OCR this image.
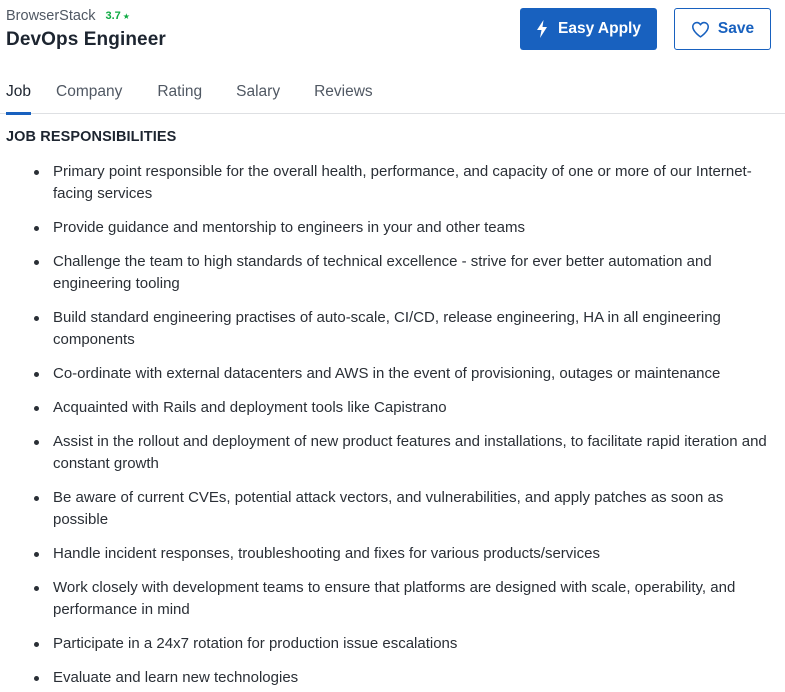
BrowserStack 3.7 ★
DevOps Engineer
Easy Apply	Save
Job Company Rating Salary Reviews
JOB RESPONSIBILITIES
Primary point responsible for the overall health, performance, and capacity of one or more of our Internet-facing services
Provide guidance and mentorship to engineers in your and other teams
Challenge the team to high standards of technical excellence - strive for ever better automation and engineering tooling
Build standard engineering practises of auto-scale, CI/CD, release engineering, HA in all engineering components
Co-ordinate with external datacenters and AWS in the event of provisioning, outages or maintenance
Acquainted with Rails and deployment tools like Capistrano
Assist in the rollout and deployment of new product features and installations, to facilitate rapid iteration and constant growth
Be aware of current CVEs, potential attack vectors, and vulnerabilities, and apply patches as soon as possible
Handle incident responses, troubleshooting and fixes for various products/services
Work closely with development teams to ensure that platforms are designed with scale, operability, and performance in mind
Participate in a 24x7 rotation for production issue escalations
Evaluate and learn new technologies
